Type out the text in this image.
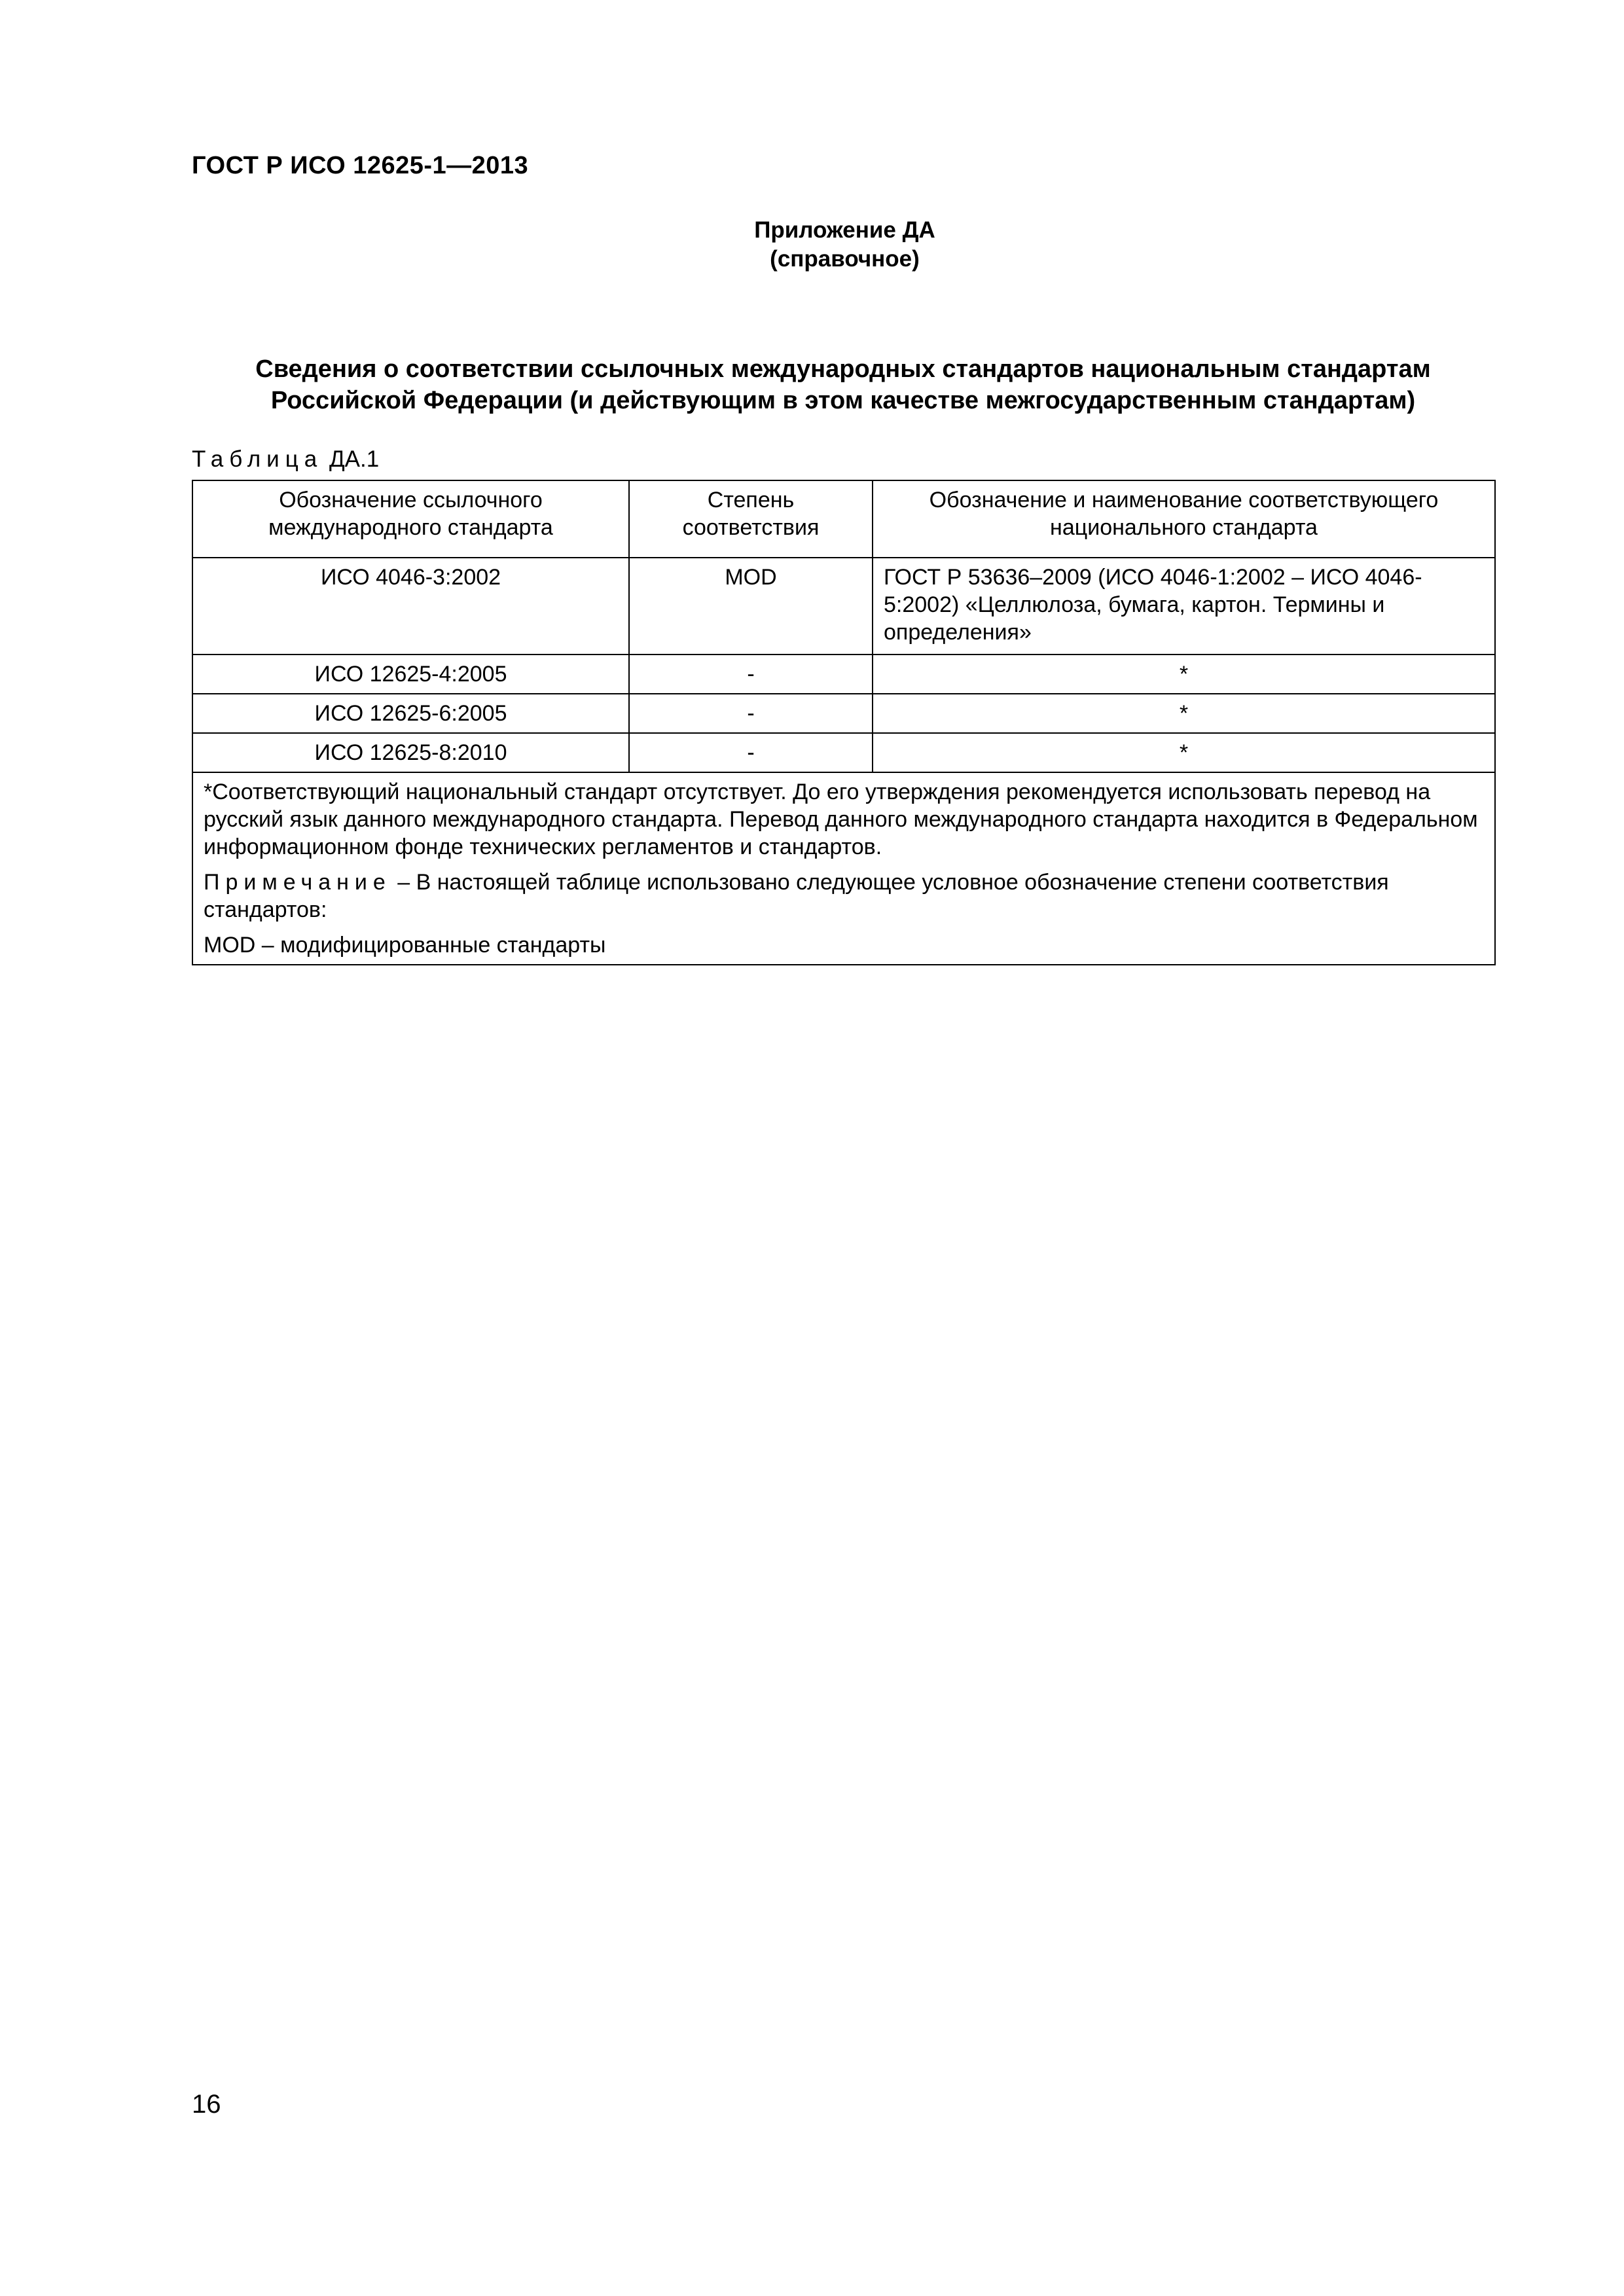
ГОСТ Р ИСО 12625-1—2013
Приложение ДА
(справочное)
Сведения о соответствии ссылочных международных стандартов национальным стандартам
Российской Федерации (и действующим в этом качестве межгосударственным стандартам)
Таблица ДА.1
Обозначение ссылочного международного стандарта	Степень соответствия	Обозначение и наименование соответствующего национального стандарта
ИСО 4046-3:2002	MOD	ГОСТ Р 53636–2009 (ИСО 4046-1:2002 – ИСО 4046-5:2002) «Целлюлоза, бумага, картон. Термины и определения»
ИСО 12625-4:2005	-	*
ИСО 12625-6:2005	-	*
ИСО 12625-8:2010	-	*

*Соответствующий национальный стандарт отсутствует. До его утверждения рекомендуется использовать перевод на русский язык данного международного стандарта. Перевод данного международного стандарта находится в Федеральном информационном фонде технических регламентов и стандартов.

Примечание – В настоящей таблице использовано следующее условное обозначение степени соответствия стандартов:

MOD – модифицированные стандарты		

16
